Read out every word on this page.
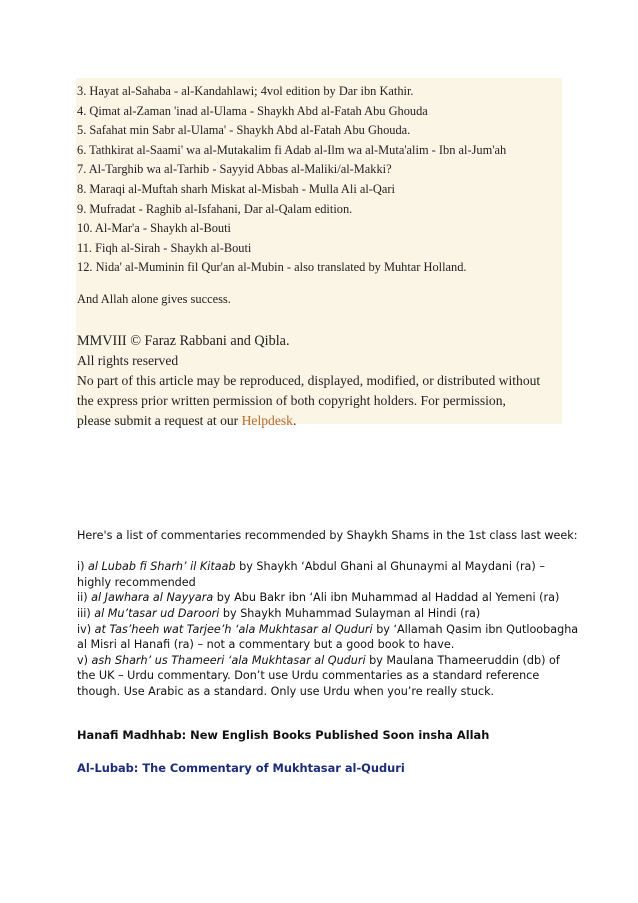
3. Hayat al-Sahaba - al-Kandahlawi; 4vol edition by Dar ibn Kathir.
4. Qimat al-Zaman 'inad al-Ulama - Shaykh Abd al-Fatah Abu Ghouda
5. Safahat min Sabr al-Ulama' - Shaykh Abd al-Fatah Abu Ghouda.
6. Tathkirat al-Saami' wa al-Mutakalim fi Adab al-Ilm wa al-Muta'alim - Ibn al-Jum'ah
7. Al-Targhib wa al-Tarhib - Sayyid Abbas al-Maliki/al-Makki?
8. Maraqi al-Muftah sharh Miskat al-Misbah - Mulla Ali al-Qari
9. Mufradat - Raghib al-Isfahani, Dar al-Qalam edition.
10. Al-Mar'a - Shaykh al-Bouti
11. Fiqh al-Sirah - Shaykh al-Bouti
12. Nida' al-Muminin fil Qur'an al-Mubin - also translated by Muhtar Holland.
And Allah alone gives success.
MMVIII © Faraz Rabbani and Qibla.
All rights reserved
No part of this article may be reproduced, displayed, modified, or distributed without
the express prior written permission of both copyright holders. For permission,
please submit a request at our Helpdesk.
Here's a list of commentaries recommended by Shaykh Shams in the 1st class last week:
i) al Lubab fi Sharh’ il Kitaab by Shaykh ‘Abdul Ghani al Ghunaymi al Maydani (ra) –
highly recommended
ii) al Jawhara al Nayyara by Abu Bakr ibn ‘Ali ibn Muhammad al Haddad al Yemeni (ra)
iii) al Mu’tasar ud Daroori by Shaykh Muhammad Sulayman al Hindi (ra)
iv) at Tas’heeh wat Tarjee’h ‘ala Mukhtasar al Quduri by ‘Allamah Qasim ibn Qutloobagha
al Misri al Hanafi (ra) – not a commentary but a good book to have.
v) ash Sharh’ us Thameeri ‘ala Mukhtasar al Quduri by Maulana Thameeruddin (db) of
the UK – Urdu commentary. Don’t use Urdu commentaries as a standard reference
though. Use Arabic as a standard. Only use Urdu when you’re really stuck.
Hanafi Madhhab: New English Books Published Soon insha Allah
Al-Lubab: The Commentary of Mukhtasar al-Quduri
